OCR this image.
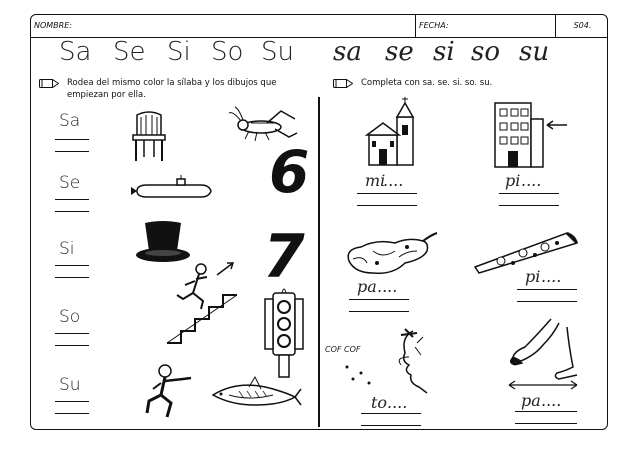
NOMBRE:	FECHA:	S04.
Sa Se Si So Su sa se si so su
Rodea del mismo color la sílaba y los dibujos que empiezan por ella.
Completa con sa. se. si. so. su.
Sa
Se
Si
So
Su
6
7
mi
....	pi ....
pa ....
pi ....
COF COF
to ....	pa ....
